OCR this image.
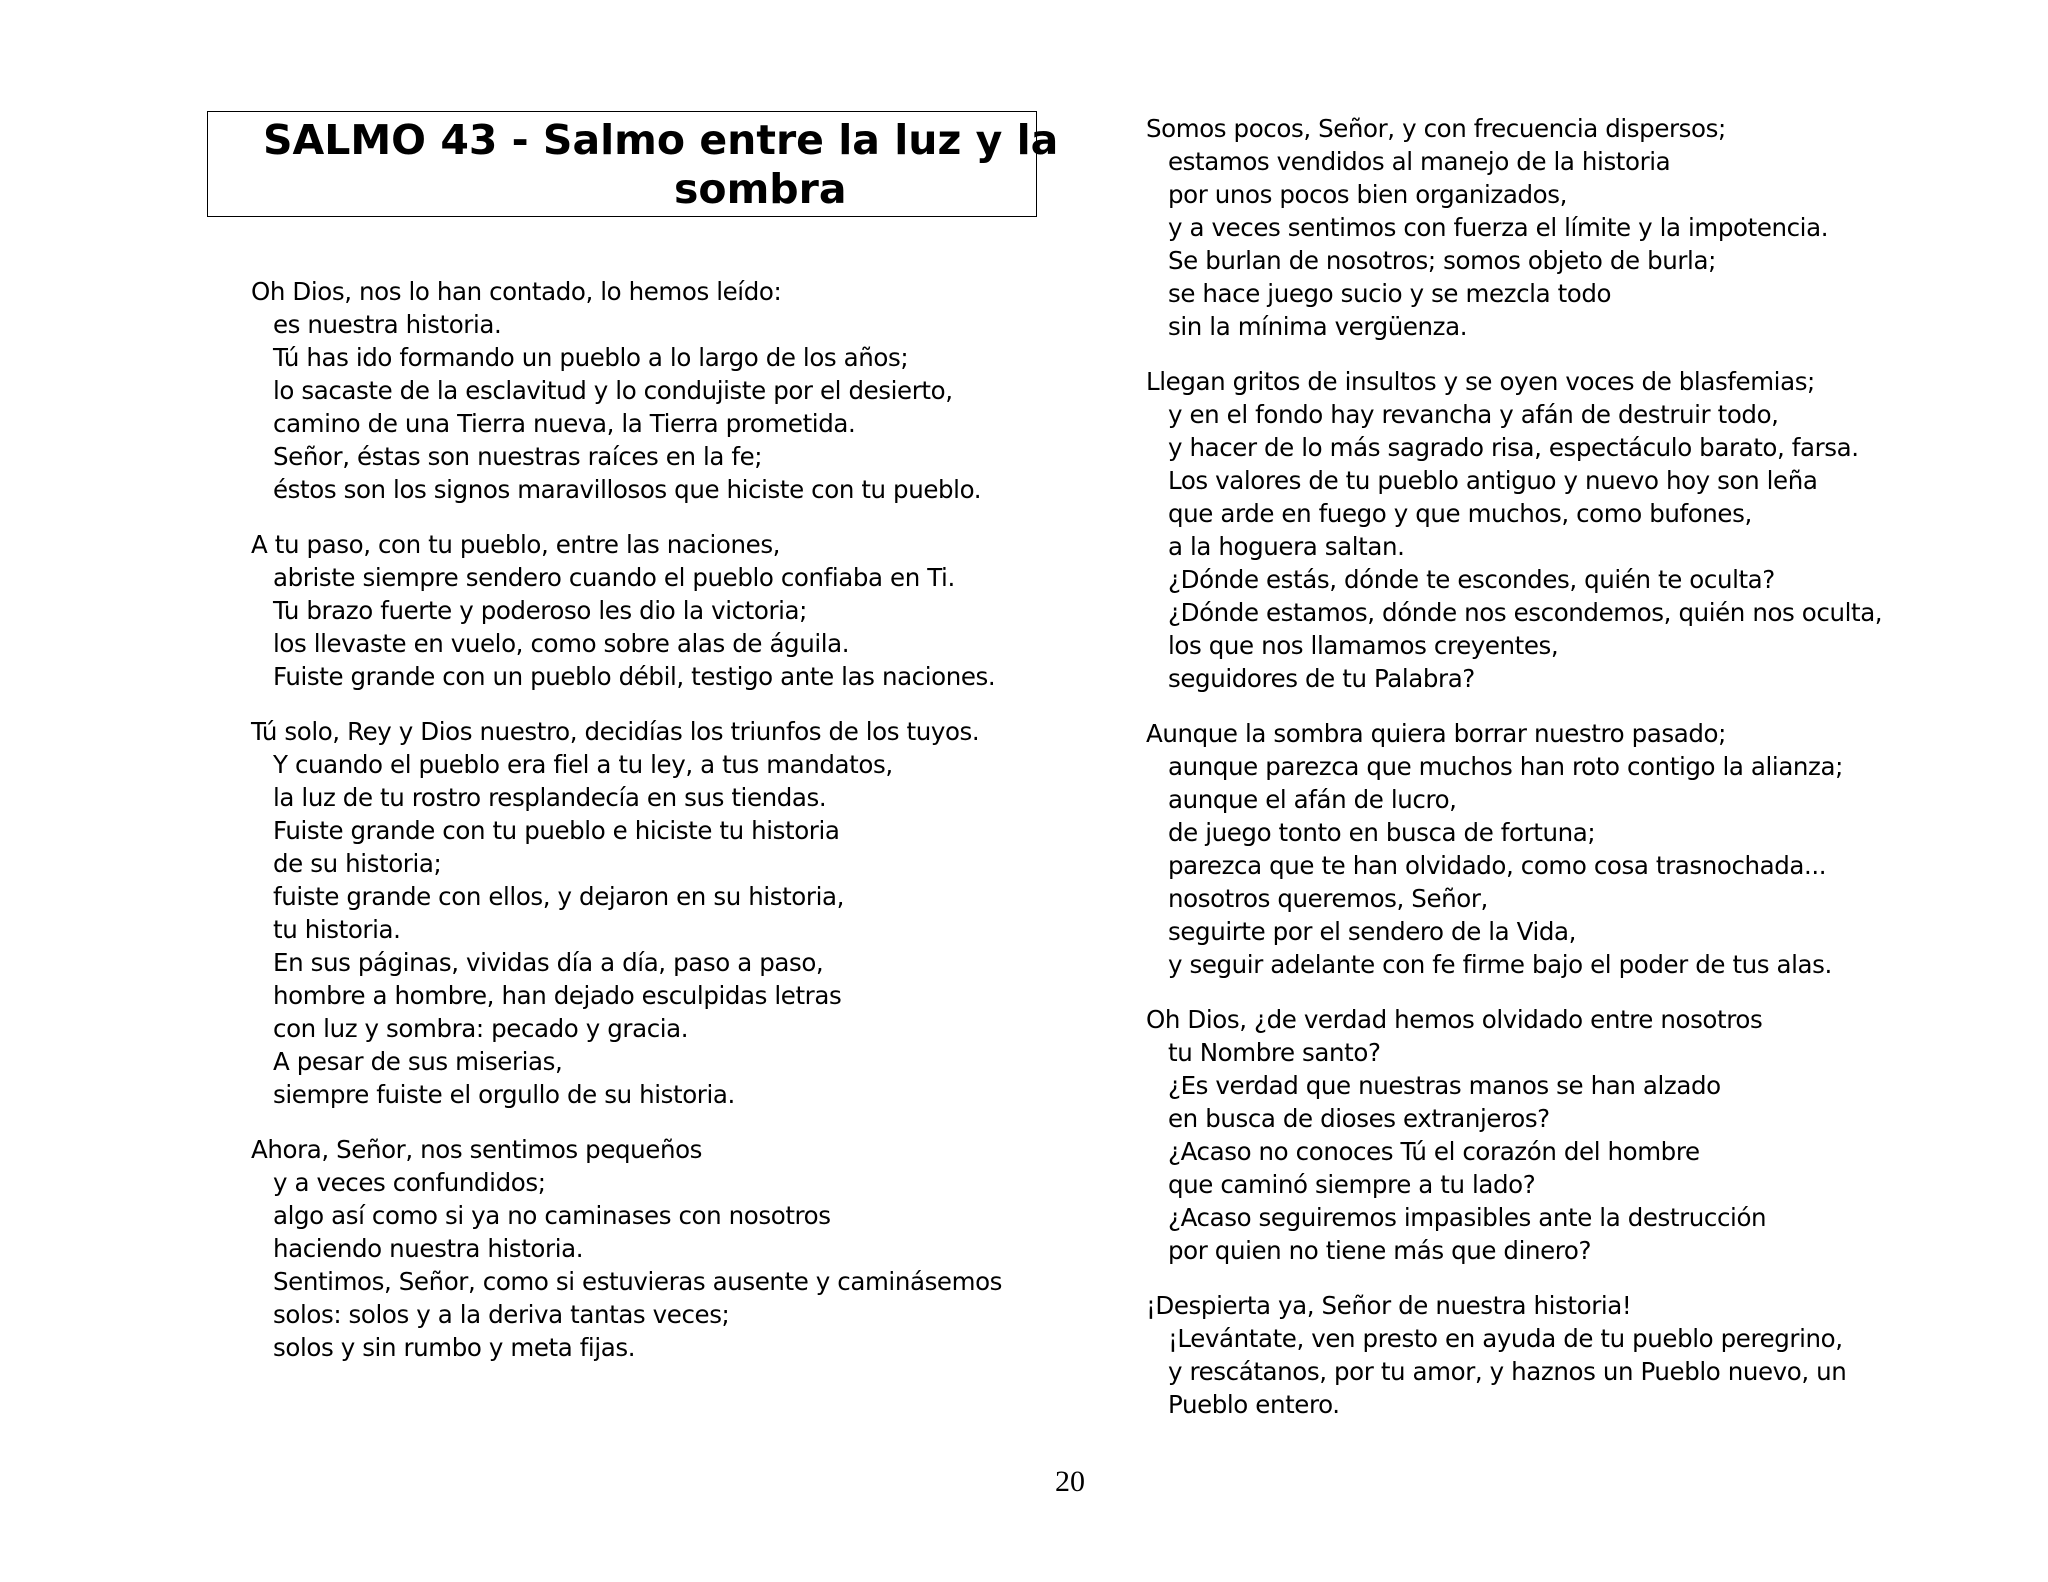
SALMO 43 - Salmo entre la luz y la
sombra
Oh Dios, nos lo han contado, lo hemos leído:
es nuestra historia.
Tú has ido formando un pueblo a lo largo de los años;
lo sacaste de la esclavitud y lo condujiste por el desierto,
camino de una Tierra nueva, la Tierra prometida.
Señor, éstas son nuestras raíces en la fe;
éstos son los signos maravillosos que hiciste con tu pueblo.
A tu paso, con tu pueblo, entre las naciones,
abriste siempre sendero cuando el pueblo confiaba en Ti.
Tu brazo fuerte y poderoso les dio la victoria;
los llevaste en vuelo, como sobre alas de águila.
Fuiste grande con un pueblo débil, testigo ante las naciones.
Tú solo, Rey y Dios nuestro, decidías los triunfos de los tuyos.
Y cuando el pueblo era fiel a tu ley, a tus mandatos,
la luz de tu rostro resplandecía en sus tiendas.
Fuiste grande con tu pueblo e hiciste tu historia
de su historia;
fuiste grande con ellos, y dejaron en su historia,
tu historia.
En sus páginas, vividas día a día, paso a paso,
hombre a hombre, han dejado esculpidas letras
con luz y sombra: pecado y gracia.
A pesar de sus miserias,
siempre fuiste el orgullo de su historia.
Ahora, Señor, nos sentimos pequeños
y a veces confundidos;
algo así como si ya no caminases con nosotros
haciendo nuestra historia.
Sentimos, Señor, como si estuvieras ausente y caminásemos
solos: solos y a la deriva tantas veces;
solos y sin rumbo y meta fijas.
Somos pocos, Señor, y con frecuencia dispersos;
estamos vendidos al manejo de la historia
por unos pocos bien organizados,
y a veces sentimos con fuerza el límite y la impotencia.
Se burlan de nosotros; somos objeto de burla;
se hace juego sucio y se mezcla todo
sin la mínima vergüenza.
Llegan gritos de insultos y se oyen voces de blasfemias;
y en el fondo hay revancha y afán de destruir todo,
y hacer de lo más sagrado risa, espectáculo barato, farsa.
Los valores de tu pueblo antiguo y nuevo hoy son leña
que arde en fuego y que muchos, como bufones,
a la hoguera saltan.
¿Dónde estás, dónde te escondes, quién te oculta?
¿Dónde estamos, dónde nos escondemos, quién nos oculta,
los que nos llamamos creyentes,
seguidores de tu Palabra?
Aunque la sombra quiera borrar nuestro pasado;
aunque parezca que muchos han roto contigo la alianza;
aunque el afán de lucro,
de juego tonto en busca de fortuna;
parezca que te han olvidado, como cosa trasnochada...
nosotros queremos, Señor,
seguirte por el sendero de la Vida,
y seguir adelante con fe firme bajo el poder de tus alas.
Oh Dios, ¿de verdad hemos olvidado entre nosotros
tu Nombre santo?
¿Es verdad que nuestras manos se han alzado
en busca de dioses extranjeros?
¿Acaso no conoces Tú el corazón del hombre
que caminó siempre a tu lado?
¿Acaso seguiremos impasibles ante la destrucción
por quien no tiene más que dinero?
¡Despierta ya, Señor de nuestra historia!
¡Levántate, ven presto en ayuda de tu pueblo peregrino,
y rescátanos, por tu amor, y haznos un Pueblo nuevo, un
Pueblo entero.
20
